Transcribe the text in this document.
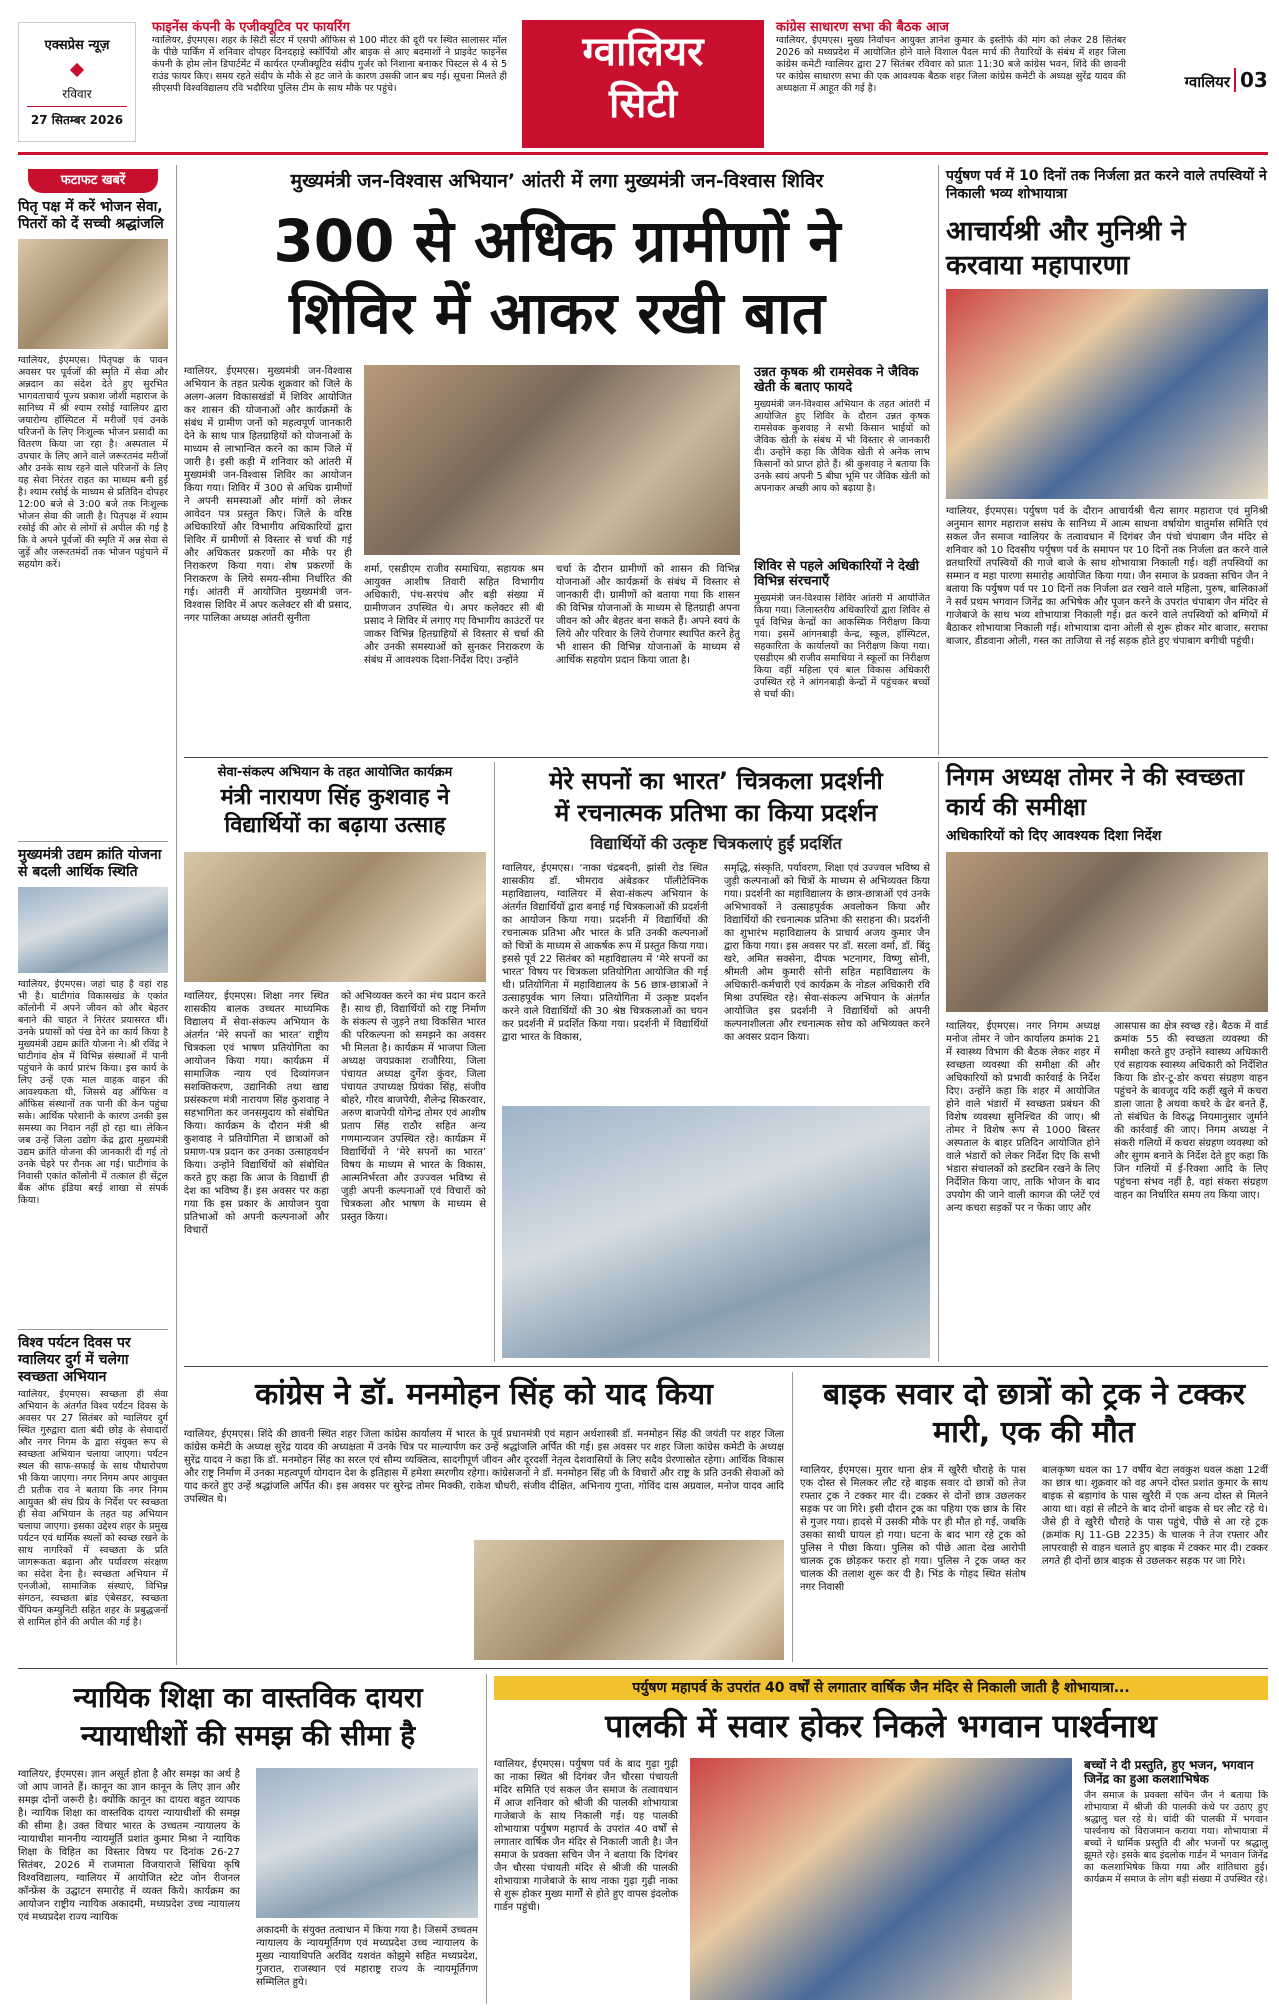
एक्सप्रेस न्यूज़
रविवार
27 सितम्बर 2026
फाइनेंस कंपनी के एजीक्यूटिव पर फायरिंग
ग्वालियर, ईएमएस। शहर के सिटी सेंटर में एसपी ऑफिस से 100 मीटर की दूरी पर स्थित सालासर मॉल के पीछे पार्किंग में शनिवार दोपहर दिनदहाड़े स्कॉर्पियो और बाइक से आए बदमाशों ने प्राइवेट फाइनेंस कंपनी के होम लोन डिपार्टमेंट में कार्यरत एग्जीक्यूटिव संदीप गुर्जर को निशाना बनाकर पिस्टल से 4 से 5 राउंड फायर किए। समय रहते संदीप के मौके से हट जाने के कारण उसकी जान बच गई। सूचना मिलते ही सीएसपी विश्वविद्यालय रवि भदौरिया पुलिस टीम के साथ मौके पर पहुंचे।
ग्वालियर
सिटी
कांग्रेस साधारण सभा की बैठक आज
ग्वालियर, ईएमएस। मुख्य निर्वाचन आयुक्त ज्ञानेश कुमार के इस्तीफे की मांग को लेकर 28 सितंबर 2026 को मध्यप्रदेश में आयोजित होने वाले विशाल पैदल मार्च की तैयारियों के संबंध में शहर जिला कांग्रेस कमेटी ग्वालियर द्वारा 27 सितंबर रविवार को प्रातः 11:30 बजे कांग्रेस भवन, शिंदे की छावनी पर कांग्रेस साधारण सभा की एक आवश्यक बैठक शहर जिला कांग्रेस कमेटी के अध्यक्ष सुरेंद्र यादव की अध्यक्षता में आहूत की गई है।	ग्वालियर 03
फटाफट खबरें
पितृ पक्ष में करें भोजन सेवा, पितरों को दें सच्ची श्रद्धांजलि
ग्वालियर, ईएमएस। पितृपक्ष के पावन अवसर पर पूर्वजों की स्मृति में सेवा और अन्नदान का संदेश देते हुए सुरभित भागवताचार्य पूज्य प्रकाश जोशी महाराज के सानिध्य में श्री श्याम रसोई ग्वालियर द्वारा जयारोग्य हॉस्पिटल में मरीजों एवं उनके परिजनों के लिए निःशुल्क भोजन प्रसादी का वितरण किया जा रहा है। अस्पताल में उपचार के लिए आने वाले जरूरतमंद मरीजों और उनके साथ रहने वाले परिजनों के लिए यह सेवा निरंतर राहत का माध्यम बनी हुई है। श्याम रसोई के माध्यम से प्रतिदिन दोपहर 12:00 बजे से 3:00 बजे तक निःशुल्क भोजन सेवा की जाती है। पितृपक्ष में श्याम रसोई की ओर से लोगों से अपील की गई है कि वे अपने पूर्वजों की स्मृति में अन्न सेवा से जुड़ें और जरूरतमंदों तक भोजन पहुंचाने में सहयोग करें।
मुख्यमंत्री उद्यम क्रांति योजना से बदली आर्थिक स्थिति
ग्वालियर, ईएमएस। जहां चाह है वहां राह भी है। घाटीगांव विकासखंड के एकांत कॉलोनी में अपने जीवन को और बेहतर बनाने की चाहत ने निरंतर प्रयासरत थीं। उनके प्रयासों को पंख देने का कार्य किया है मुख्यमंत्री उद्यम क्रांति योजना ने। श्री रविंद्र ने घाटीगांव क्षेत्र में विभिन्न संस्थाओं में पानी पहुंचाने के कार्य प्रारंभ किया। इस कार्य के लिए उन्हें एक माल वाहक वाहन की आवश्यकता थी, जिससे वह ऑफिस व ऑफिस संस्थानों तक पानी की केन पहुंचा सके। आर्थिक परेशानी के कारण उनकी इस समस्या का निदान नहीं हो रहा था। लेकिन जब उन्हें जिला उद्योग केंद्र द्वारा मुख्यमंत्री उद्यम क्रांति योजना की जानकारी दी गई तो उनके चेहरे पर रौनक आ गई। घाटीगांव के निवासी एकांत कॉलोनी में तत्काल ही सेंट्रल बैंक ऑफ इंडिया बरई शाखा से संपर्क किया।
विश्व पर्यटन दिवस पर ग्वालियर दुर्ग में चलेगा स्वच्छता अभियान
ग्वालियर, ईएमएस। स्वच्छता ही सेवा अभियान के अंतर्गत विश्व पर्यटन दिवस के अवसर पर 27 सितंबर को ग्वालियर दुर्ग स्थित गुरुद्वारा दाता बंदी छोड़ के सेवादारों और नगर निगम के द्वारा संयुक्त रूप से स्वच्छता अभियान चलाया जाएगा। पर्यटन स्थल की साफ-सफाई के साथ पौधारोपण भी किया जाएगा। नगर निगम अपर आयुक्त टी प्रतीक राव ने बताया कि नगर निगम आयुक्त श्री संघ प्रिय के निर्देश पर स्वच्छता ही सेवा अभियान के तहत यह अभियान चलाया जाएगा। इसका उद्देश्य शहर के प्रमुख पर्यटन एवं धार्मिक स्थलों को स्वच्छ रखने के साथ नागरिकों में स्वच्छता के प्रति जागरूकता बढ़ाना और पर्यावरण संरक्षण का संदेश देना है। स्वच्छता अभियान में एनजीओ, सामाजिक संस्थाएं, विभिन्न संगठन, स्वच्छता ब्रांड एंबेसडर, स्वच्छता चैंपियन कम्युनिटी सहित शहर के प्रबुद्धजनों से शामिल होने की अपील की गई है।
मुख्यमंत्री जन-विश्वास अभियान’ आंतरी में लगा मुख्यमंत्री जन-विश्वास शिविर
300 से अधिक ग्रामीणों ने
शिविर में आकर रखी बात
ग्वालियर, ईएमएस। मुख्यमंत्री जन-विश्वास अभियान के तहत प्रत्येक शुक्रवार को जिले के अलग-अलग विकासखंडों में शिविर आयोजित कर शासन की योजनाओं और कार्यक्रमों के संबंध में ग्रामीण जनों को महत्वपूर्ण जानकारी देने के साथ पात्र हितग्राहियों को योजनाओं के माध्यम से लाभान्वित करने का काम जिले में जारी है। इसी कड़ी में शनिवार को आंतरी में मुख्यमंत्री जन-विश्वास शिविर का आयोजन किया गया। शिविर में 300 से अधिक ग्रामीणों ने अपनी समस्याओं और मांगों को लेकर आवेदन पत्र प्रस्तुत किए। जिले के वरिष्ठ अधिकारियों और विभागीय अधिकारियों द्वारा शिविर में ग्रामीणों से विस्तार से चर्चा की गई और अधिकतर प्रकरणों का मौके पर ही निराकरण किया गया। शेष प्रकरणों के निराकरण के लिये समय-सीमा निर्धारित की गई। आंतरी में आयोजित मुख्यमंत्री जन-विश्वास शिविर में अपर कलेक्टर सी बी प्रसाद, नगर पालिका अध्यक्ष आंतरी सुनीता
शर्मा, एसडीएम राजीव समाधिया, सहायक श्रम आयुक्त आशीष तिवारी सहित विभागीय अधिकारी, पंच-सरपंच और बड़ी संख्या में ग्रामीणजन उपस्थित थे। अपर कलेक्टर सी बी प्रसाद ने शिविर में लगाए गए विभागीय काउंटरों पर जाकर विभिन्न हितग्राहियों से विस्तार से चर्चा की और उनकी समस्याओं को सुनकर निराकरण के संबंध में आवश्यक दिशा-निर्देश दिए। उन्होंने
चर्चा के दौरान ग्रामीणों को शासन की विभिन्न योजनाओं और कार्यक्रमों के संबंध में विस्तार से जानकारी दी। ग्रामीणों को बताया गया कि शासन की विभिन्न योजनाओं के माध्यम से हितग्राही अपना जीवन को और बेहतर बना सकते हैं। अपने स्वयं के लिये और परिवार के लिये रोजगार स्थापित करने हेतु भी शासन की विभिन्न योजनाओं के माध्यम से आर्थिक सहयोग प्रदान किया जाता है।
उन्नत कृषक श्री रामसेवक ने जैविक खेती के बताए फायदे
मुख्यमंत्री जन-विश्वास अभियान के तहत आंतरी में आयोजित हुए शिविर के दौरान उन्नत कृषक रामसेवक कुशवाह ने सभी किसान भाईयों को जैविक खेती के संबंध में भी विस्तार से जानकारी दी। उन्होंने कहा कि जैविक खेती से अनेक लाभ किसानों को प्राप्त होते हैं। श्री कुशवाह ने बताया कि उनके स्वयं अपनी 5 बीघा भूमि पर जैविक खेती को अपनाकर अच्छी आय को बढ़ाया है।
शिविर से पहले अधिकारियों ने देखी विभिन्न संरचनाएँ
मुख्यमंत्री जन-विश्वास शिविर आंतरी में आयोजित किया गया। जिलास्तरीय अधिकारियों द्वारा शिविर से पूर्व विभिन्न केन्द्रों का आकस्मिक निरीक्षण किया गया। इसमें आंगनबाड़ी केन्द्र, स्कूल, हॉस्पिटल, सहकारिता के कार्यालयों का निरीक्षण किया गया। एसडीएम श्री राजीव समाधिया ने स्कूलों का निरीक्षण किया वहीं महिला एवं बाल विकास अधिकारी उपस्थित रहे ने आंगनबाड़ी केन्द्रों में पहुंचकर बच्चों से चर्चा की।
पर्युषण पर्व में 10 दिनों तक निर्जला व्रत करने वाले तपस्वियों ने निकाली भव्य शोभायात्रा
आचार्यश्री और मुनिश्री ने करवाया महापारणा
ग्वालियर, ईएमएस। पर्युषण पर्व के दौरान आचार्यश्री चैत्य सागर महाराज एवं मुनिश्री अनुमान सागर महाराज ससंघ के सानिध्य में आत्म साधना वर्षायोग चातुर्मास समिति एवं सकल जैन समाज ग्वालियर के तत्वावधान में दिगंबर जैन पंचो चंपाबाग जैन मंदिर से शनिवार को 10 दिवसीय पर्युषण पर्व के समापन पर 10 दिनों तक निर्जला व्रत करने वाले व्रतधारियों तपस्वियों की गाजे बाजे के साथ शोभायात्रा निकाली गई। वहीं तपस्वियों का सम्मान व महा पारणा समारोह आयोजित किया गया। जैन समाज के प्रवक्ता सचिन जैन ने बताया कि पर्युषण पर्व पर 10 दिनों तक निर्जला व्रत रखने वाले महिला, पुरुष, बालिकाओं ने सर्व प्रथम भगवान जिनेंद्र का अभिषेक और पूजन करने के उपरांत चंपाबाग जैन मंदिर से गाजेबाजे के साथ भव्य शोभायात्रा निकाली गई। व्रत करने वाले तपस्वियों को बग्गियों में बैठाकर शोभायात्रा निकाली गई। शोभायात्रा दाना ओली से शुरू होकर मोर बाजार, सराफा बाजार, डीडवाना ओली, गस्त का ताजिया से नई सड़क होते हुए चंपाबाग बगीची पहुंची।
सेवा-संकल्प अभियान के तहत आयोजित कार्यक्रम
मंत्री नारायण सिंह कुशवाह ने विद्यार्थियों का बढ़ाया उत्साह
ग्वालियर, ईएमएस। शिक्षा नगर स्थित शासकीय बालक उच्चतर माध्यमिक विद्यालय में सेवा-संकल्प अभियान के अंतर्गत ‘मेरे सपनों का भारत’ राष्ट्रीय चित्रकला एवं भाषण प्रतियोगिता का आयोजन किया गया। कार्यक्रम में सामाजिक न्याय एवं दिव्यांगजन सशक्तिकरण, उद्यानिकी तथा खाद्य प्रसंस्करण मंत्री नारायण सिंह कुशवाह ने सहभागिता कर जनसमुदाय को संबोधित किया। कार्यक्रम के दौरान मंत्री श्री कुशवाह ने प्रतियोगिता में छात्राओं को प्रमाण-पत्र प्रदान कर उनका उत्साहवर्धन किया। उन्होंने विद्यार्थियों को संबोधित करते हुए कहा कि आज के विद्यार्थी ही देश का भविष्य हैं। इस अवसर पर कहा गया कि इस प्रकार के आयोजन युवा प्रतिभाओं को अपनी कल्पनाओं और विचारों
को अभिव्यक्त करने का मंच प्रदान करते हैं। साथ ही, विद्यार्थियों को राष्ट्र निर्माण के संकल्प से जुड़ने तथा विकसित भारत की परिकल्पना को समझने का अवसर भी मिलता है। कार्यक्रम में भाजपा जिला अध्यक्ष जयप्रकाश राजौरिया, जिला पंचायत अध्यक्ष दुर्गेश कुंवर, जिला पंचायत उपाध्यक्ष प्रियंका सिंह, संजीव बोहरे, गौरव बाजपेयी, शैलेन्द्र सिकरवार, अरुण बाजपेयी योगेन्द्र तोमर एवं आशीष प्रताप सिंह राठौर सहित अन्य गणमान्यजन उपस्थित रहे। कार्यक्रम में विद्यार्थियों ने ‘मेरे सपनों का भारत’ विषय के माध्यम से भारत के विकास, आत्मनिर्भरता और उज्ज्वल भविष्य से जुड़ी अपनी कल्पनाओं एवं विचारों को चित्रकला और भाषण के माध्यम से प्रस्तुत किया।
मेरे सपनों का भारत’ चित्रकला प्रदर्शनी
में रचनात्मक प्रतिभा का किया प्रदर्शन
विद्यार्थियों की उत्कृष्ट चित्रकलाएं हुईं प्रदर्शित
ग्वालियर, ईएमएस। ‘नाका चंद्रबदनी, झांसी रोड स्थित शासकीय डॉ. भीमराव अंबेडकर पॉलीटेक्निक महाविद्यालय, ग्वालियर में सेवा-संकल्प अभियान के अंतर्गत विद्यार्थियों द्वारा बनाई गई चित्रकलाओं की प्रदर्शनी का आयोजन किया गया। प्रदर्शनी में विद्यार्थियों की रचनात्मक प्रतिभा और भारत के प्रति उनकी कल्पनाओं को चित्रों के माध्यम से आकर्षक रूप में प्रस्तुत किया गया। इससे पूर्व 22 सितंबर को महाविद्यालय में ‘मेरे सपनों का भारत’ विषय पर चित्रकला प्रतियोगिता आयोजित की गई थी। प्रतियोगिता में महाविद्यालय के 56 छात्र-छात्राओं ने उत्साहपूर्वक भाग लिया। प्रतियोगिता में उत्कृष्ट प्रदर्शन करने वाले विद्यार्थियों की 30 श्रेष्ठ चित्रकलाओं का चयन कर प्रदर्शनी में प्रदर्शित किया गया। प्रदर्शनी में विद्यार्थियों द्वारा भारत के विकास,
समृद्धि, संस्कृति, पर्यावरण, शिक्षा एवं उज्ज्वल भविष्य से जुड़ी कल्पनाओं को चित्रों के माध्यम से अभिव्यक्त किया गया। प्रदर्शनी का महाविद्यालय के छात्र-छात्राओं एवं उनके अभिभावकों ने उत्साहपूर्वक अवलोकन किया और विद्यार्थियों की रचनात्मक प्रतिभा की सराहना की। प्रदर्शनी का शुभारंभ महाविद्यालय के प्राचार्य अजय कुमार जैन द्वारा किया गया। इस अवसर पर डॉ. सरला वर्मा, डॉ. बिंदु खरे, अमित सक्सेना, दीपक भटनागर, विष्णु सोनी, श्रीमती ओम कुमारी सोनी सहित महाविद्यालय के अधिकारी-कर्मचारी एवं कार्यक्रम के नोडल अधिकारी रवि मिश्रा उपस्थित रहे। सेवा-संकल्प अभियान के अंतर्गत आयोजित इस प्रदर्शनी ने विद्यार्थियों को अपनी कल्पनाशीलता और रचनात्मक सोच को अभिव्यक्त करने का अवसर प्रदान किया।
निगम अध्यक्ष तोमर ने की स्वच्छता कार्य की समीक्षा
अधिकारियों को दिए आवश्यक दिशा निर्देश
ग्वालियर, ईएमएस। नगर निगम अध्यक्ष मनोज तोमर ने जोन कार्यालय क्रमांक 21 में स्वास्थ्य विभाग की बैठक लेकर शहर में स्वच्छता व्यवस्था की समीक्षा की और अधिकारियों को प्रभावी कार्रवाई के निर्देश दिए। उन्होंने कहा कि शहर में आयोजित होने वाले भंडारों में स्वच्छता प्रबंधन की विशेष व्यवस्था सुनिश्चित की जाए। श्री तोमर ने विशेष रूप से 1000 बिस्तर अस्पताल के बाहर प्रतिदिन आयोजित होने वाले भंडारों को लेकर निर्देश दिए कि सभी भंडारा संचालकों को डस्टबिन रखने के लिए निर्देशित किया जाए, ताकि भोजन के बाद उपयोग की जाने वाली कागज की प्लेटें एवं अन्य कचरा सड़कों पर न फेंका जाए और
आसपास का क्षेत्र स्वच्छ रहे। बैठक में वार्ड क्रमांक 55 की स्वच्छता व्यवस्था की समीक्षा करते हुए उन्होंने स्वास्थ्य अधिकारी एवं सहायक स्वास्थ्य अधिकारी को निर्देशित किया कि डोर-टू-डोर कचरा संग्रहण वाहन पहुंचने के बावजूद यदि कहीं खुले में कचरा डाला जाता है अथवा कचरे के ढेर बनते हैं, तो संबंधित के विरुद्ध नियमानुसार जुर्माने की कार्रवाई की जाए। निगम अध्यक्ष ने संकरी गलियों में कचरा संग्रहण व्यवस्था को और सुगम बनाने के निर्देश देते हुए कहा कि जिन गलियों में ई-रिक्शा आदि के लिए पहुंचना संभव नहीं है, वहां संकरा संग्रहण वाहन का निर्धारित समय तय किया जाए।
कांग्रेस ने डॉ. मनमोहन सिंह को याद किया
ग्वालियर, ईएमएस। शिंदे की छावनी स्थित शहर जिला कांग्रेस कार्यालय में भारत के पूर्व प्रधानमंत्री एवं महान अर्थशास्त्री डॉ. मनमोहन सिंह की जयंती पर शहर जिला कांग्रेस कमेटी के अध्यक्ष सुरेंद्र यादव की अध्यक्षता में उनके चित्र पर माल्यार्पण कर उन्हें श्रद्धांजलि अर्पित की गई। इस अवसर पर शहर जिला कांग्रेस कमेटी के अध्यक्ष सुरेंद्र यादव ने कहा कि डॉ. मनमोहन सिंह का सरल एवं सौम्य व्यक्तित्व, सादगीपूर्ण जीवन और दूरदर्शी नेतृत्व देशवासियों के लिए सदैव प्रेरणास्रोत रहेगा। आर्थिक विकास और राष्ट्र निर्माण में उनका महत्वपूर्ण योगदान देश के इतिहास में हमेशा स्मरणीय रहेगा। कांग्रेसजनों ने डॉ. मनमोहन सिंह जी के विचारों और राष्ट्र के प्रति उनकी सेवाओं को याद करते हुए उन्हें श्रद्धांजलि अर्पित की। इस अवसर पर सुरेन्द्र तोमर मिक्की, राकेश चौधरी, संजीव दीक्षित, अभिनाय गुप्ता, गोविंद दास अग्रवाल, मनोज यादव आदि उपस्थित थे।
बाइक सवार दो छात्रों को ट्रक ने टक्कर मारी, एक की मौत
ग्वालियर, ईएमएस। मुरार थाना क्षेत्र में खुरैरी चौराहे के पास एक दोस्त से मिलकर लौट रहे बाइक सवार दो छात्रों को तेज रफ्तार ट्रक ने टक्कर मार दी। टक्कर से दोनों छात्र उछलकर सड़क पर जा गिरे। इसी दौरान ट्रक का पहिया एक छात्र के सिर से गुजर गया। हादसे में उसकी मौके पर ही मौत हो गई, जबकि उसका साथी घायल हो गया। घटना के बाद भाग रहे ट्रक को पुलिस ने पीछा किया। पुलिस को पीछे आता देख आरोपी चालक ट्रक छोड़कर फरार हो गया। पुलिस ने ट्रक जब्त कर चालक की तलाश शुरू कर दी है। भिंड के गोहद स्थित संतोष नगर निवासी
बालकृष्ण धवल का 17 वर्षीय बेटा लवकुश धवल कक्षा 12वीं का छात्र था। शुक्रवार को वह अपने दोस्त प्रशांत कुमार के साथ बाइक से बड़ागांव के पास खुरैरी में एक अन्य दोस्त से मिलने आया था। वहां से लौटने के बाद दोनों बाइक से घर लौट रहे थे। जैसे ही वे खुरैरी चौराहे के पास पहुंचे, पीछे से आ रहे ट्रक (क्रमांक RJ 11-GB 2235) के चालक ने तेज रफ्तार और लापरवाही से वाहन चलाते हुए बाइक में टक्कर मार दी। टक्कर लगते ही दोनों छात्र बाइक से उछलकर सड़क पर जा गिरे।
न्यायिक शिक्षा का वास्तविक दायरा
न्यायाधीशों की समझ की सीमा है
ग्वालियर, ईएमएस। ज्ञान असूर्त होता है और समझ का अर्थ है जो आप जानते हैं। कानून का ज्ञान कानून के लिए ज्ञान और समझ दोनों जरूरी है। क्योंकि कानून का दायरा बहुत व्यापक है। न्यायिक शिक्षा का वास्तविक दायरा न्यायाधीशों की समझ की सीमा है। उक्त विचार भारत के उच्चतम न्यायालय के न्यायाधीश माननीय न्यायमूर्ति प्रशांत कुमार मिश्रा ने न्यायिक शिक्षा के विहित का विस्तार विषय पर दिनांक 26-27 सितंबर, 2026 में राजमाता विजयाराजे सिंधिया कृषि विश्वविद्यालय, ग्वालियर में आयोजित स्टेट जोन रीजनल कॉन्फ्रेंस के उद्घाटन समारोह में व्यक्त किये। कार्यक्रम का आयोजन राष्ट्रीय न्यायिक अकादमी, मध्यप्रदेश उच्च न्यायालय एवं मध्यप्रदेश राज्य न्यायिक
अकादमी के संयुक्त तत्वाधान में किया गया है। जिसमें उच्चतम न्यायालय के न्यायमूर्तिगण एवं मध्यप्रदेश उच्च न्यायालय के मुख्य न्यायाधिपति अरविंद यशवंत कोझुमे सहित मध्यप्रदेश, गुजरात, राजस्थान एवं महाराष्ट्र राज्य के न्यायमूर्तिगण सम्मिलित हुये।
पर्युषण महापर्व के उपरांत 40 वर्षों से लगातार वार्षिक जैन मंदिर से निकाली जाती है शोभायात्रा...
पालकी में सवार होकर निकले भगवान पार्श्वनाथ
ग्वालियर, ईएमएस। पर्युषण पर्व के बाद गुढ़ा गुढ़ी का नाका स्थित श्री दिगंबर जैन चौरसा पंचायती मंदिर समिति एवं सकल जैन समाज के तत्वावधान में आज शनिवार को श्रीजी की पालकी शोभायात्रा गाजेबाजे के साथ निकाली गई। यह पालकी शोभायात्रा पर्युषण महापर्व के उपरांत 40 वर्षों से लगातार वार्षिक जैन मंदिर से निकाली जाती है। जैन समाज के प्रवक्ता सचिन जैन ने बताया कि दिगंबर जैन चौरसा पंचायती मंदिर से श्रीजी की पालकी शोभायात्रा गाजेबाजे के साथ नाका गुढ़ा गुढ़ी नाका से शुरू होकर मुख्य मार्गों से होते हुए वापस इंदलोक गार्डन पहुंची।
बच्चों ने दी प्रस्तुति, हुए भजन, भगवान जिनेंद्र का हुआ कलशाभिषेक
जैन समाज के प्रवक्ता सचिन जैन ने बताया कि शोभायात्रा में श्रीजी की पालकी कंधे पर उठाए हुए श्रद्धालु चल रहे थे। चांदी की पालकी में भगवान पार्श्वनाथ को विराजमान कराया गया। शोभायात्रा में बच्चों ने धार्मिक प्रस्तुति दी और भजनों पर श्रद्धालु झूमते रहे। इसके बाद इंदलोक गार्डन में भगवान जिनेंद्र का कलशाभिषेक किया गया और शांतिधारा हुई। कार्यक्रम में समाज के लोग बड़ी संख्या में उपस्थित रहे।
